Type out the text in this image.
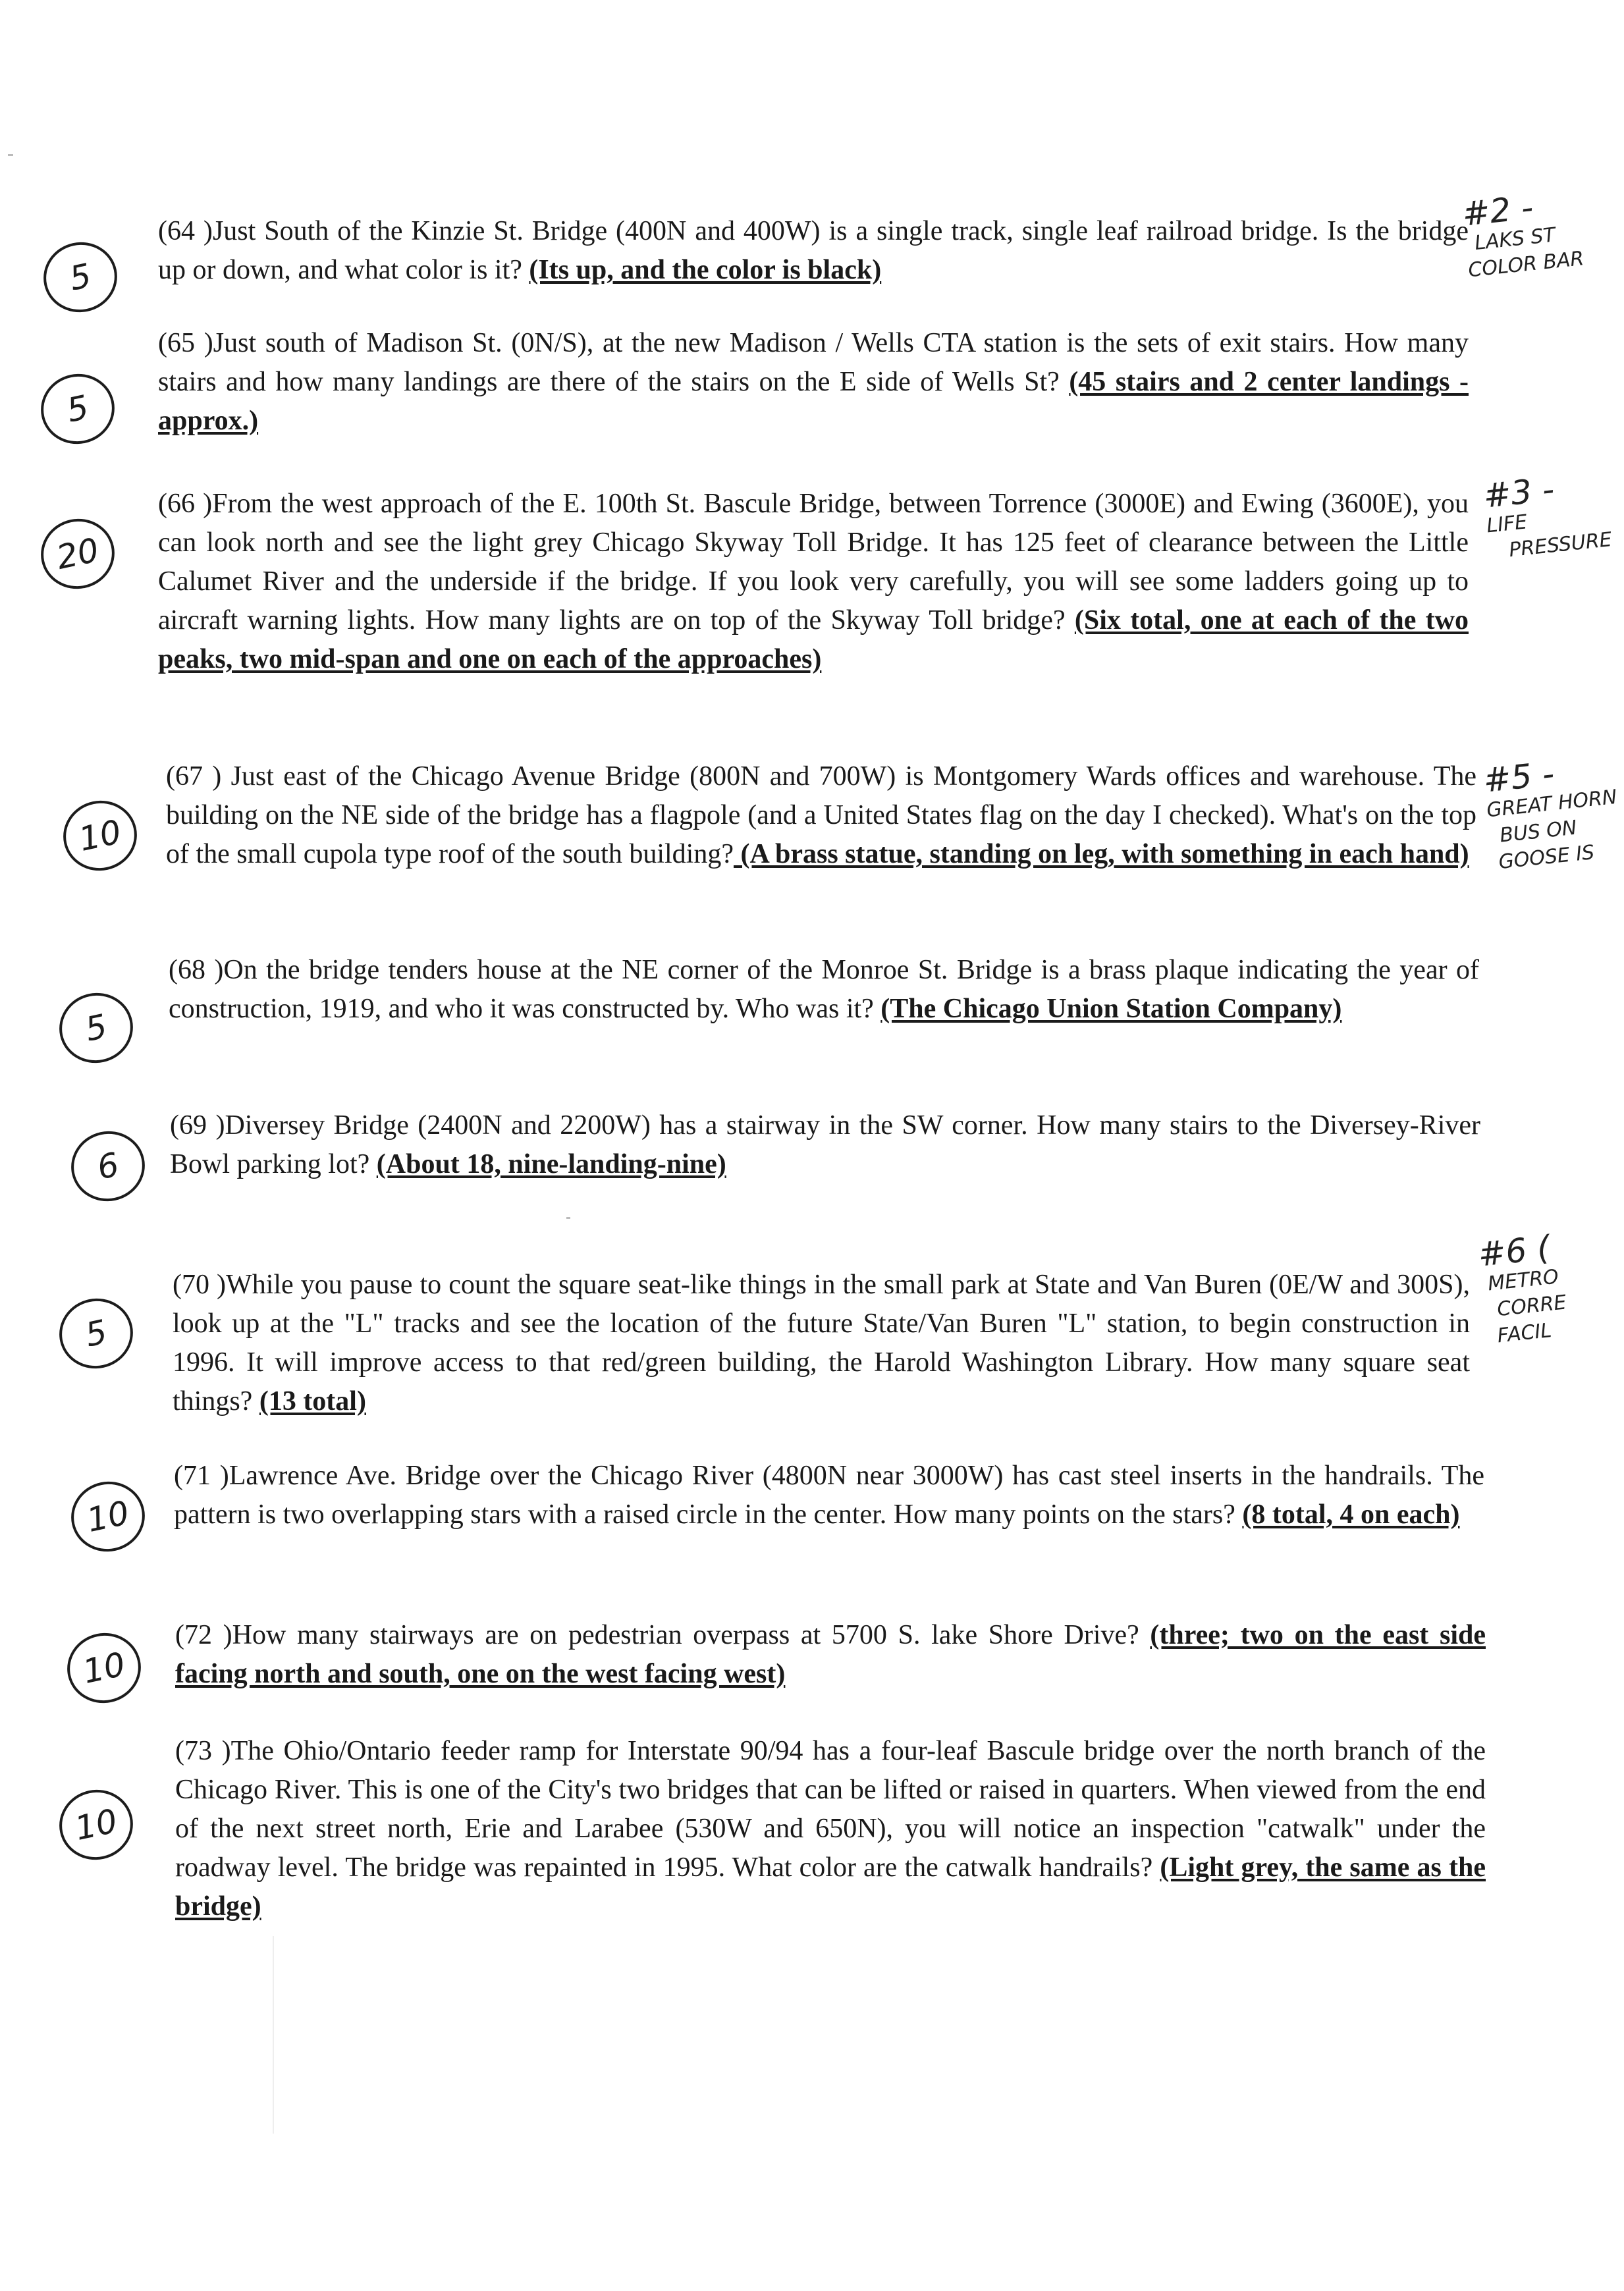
5
5
20
10
5
6
5
10
10
10
(64 )Just South of the Kinzie St. Bridge (400N and 400W) is a single track, single leaf railroad bridge. Is the bridge up or down, and what color is it? (Its up, and the color is black)
(65 )Just south of Madison St. (0N/S), at the new Madison / Wells CTA station is the sets of exit stairs. How many stairs and how many landings are there of the stairs on the E side of Wells St? (45 stairs and 2 center landings - approx.)
(66 )From the west approach of the E. 100th St. Bascule Bridge, between Torrence (3000E) and Ewing (3600E), you can look north and see the light grey Chicago Skyway Toll Bridge. It has 125 feet of clearance between the Little Calumet River and the underside if the bridge. If you look very carefully, you will see some ladders going up to aircraft warning lights. How many lights are on top of the Skyway Toll bridge? (Six total, one at each of the two peaks, two mid-span and one on each of the approaches)
(67 ) Just east of the Chicago Avenue Bridge (800N and 700W) is Montgomery Wards offices and warehouse. The building on the NE side of the bridge has a flagpole (and a United States flag on the day I checked). What's on the top of the small cupola type roof of the south building? (A brass statue, standing on leg, with something in each hand)
(68 )On the bridge tenders house at the NE corner of the Monroe St. Bridge is a brass plaque indicating the year of construction, 1919, and who it was constructed by. Who was it? (The Chicago Union Station Company)
(69 )Diversey Bridge (2400N and 2200W) has a stairway in the SW corner. How many stairs to the Diversey-River Bowl parking lot? (About 18, nine-landing-nine)
(70 )While you pause to count the square seat-like things in the small park at State and Van Buren (0E/W and 300S), look up at the "L" tracks and see the location of the future State/Van Buren "L" station, to begin construction in 1996. It will improve access to that red/green building, the Harold Washington Library. How many square seat things? (13 total)
(71 )Lawrence Ave. Bridge over the Chicago River (4800N near 3000W) has cast steel inserts in the handrails. The pattern is two overlapping stars with a raised circle in the center. How many points on the stars? (8 total, 4 on each)
(72 )How many stairways are on pedestrian overpass at 5700 S. lake Shore Drive? (three; two on the east side facing north and south, one on the west facing west)
(73 )The Ohio/Ontario feeder ramp for Interstate 90/94 has a four-leaf Bascule bridge over the north branch of the Chicago River. This is one of the City's two bridges that can be lifted or raised in quarters. When viewed from the end of the next street north, Erie and Larabee (530W and 650N), you will notice an inspection "catwalk" under the roadway level. The bridge was repainted in 1995. What color are the catwalk handrails? (Light grey, the same as the bridge)
#2 -
LAKS ST
COLOR BAR
#3 -
LIFE
PRESSURE
#5 -
GREAT HORN
BUS ON
GOOSE IS
#6 (
METRO
CORRE
FACIL
